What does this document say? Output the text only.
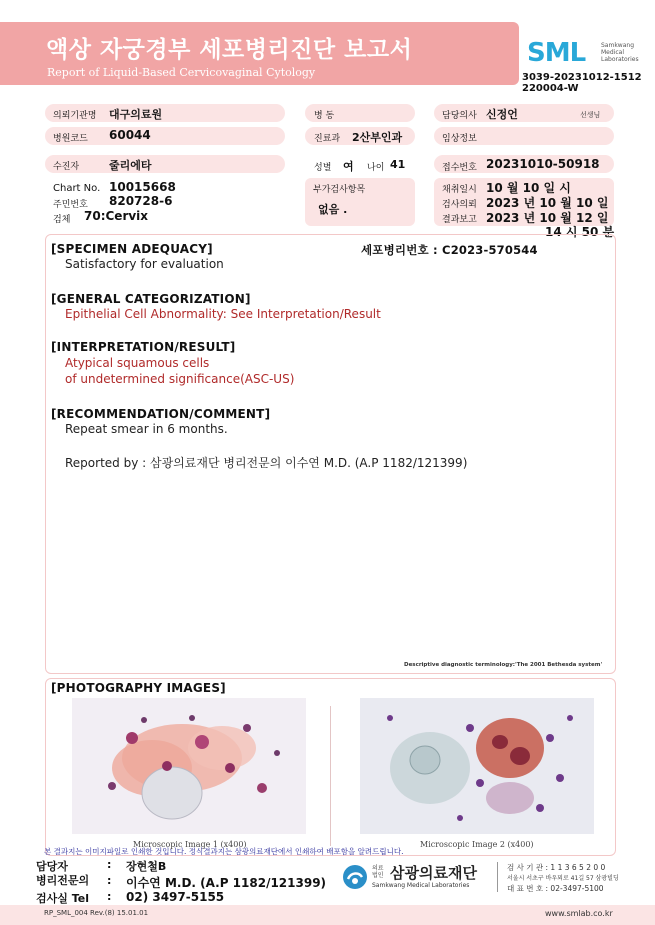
액상 자궁경부 세포병리진단 보고서
Report of Liquid-Based Cervicovaginal Cytology
SML	Samkwang Medical Laboratories
3039-20231012-1512
220004-W
의뢰기관명 대구의료원	병 동	담당의사 신정언	선생님
병원코드 60044	진료과 2산부인과	임상정보
수진자	줄리에타	성별 여 나이 41	접수번호 20231010-50918
Chart No. 10015668
주민번호 820728-6
검체 70:Cervix
부가검사항목
없음 .
채취일시 10 월 10 일 시
검사의뢰 2023 년 10 월 10 일
결과보고 2023 년 10 월 12 일
14 시 50 분
[SPECIMEN ADEQUACY]	세포병리번호 : C2023-570544
Satisfactory for evaluation
[GENERAL CATEGORIZATION]
Epithelial Cell Abnormality: See Interpretation/Result
[INTERPRETATION/RESULT]
Atypical squamous cells
of undetermined significance(ASC-US)
[RECOMMENDATION/COMMENT]
Repeat smear in 6 months.
Reported by : 삼광의료재단 병리전문의 이수연 M.D. (A.P 1182/121399)
Descriptive diagnostic terminology:'The 2001 Bethesda system'
[PHOTOGRAPHY IMAGES]
Microscopic Image 1 (x400)	Microscopic Image 2 (x400)
본 결과지는 이미지파일로 인쇄한 것입니다. 정식결과지는 삼광의료재단에서 인쇄하여 배포함을 알려드립니다.
담당자	: 장현철B
병리전문의 : 이수연 M.D. (A.P 1182/121399)
검사실 Tel : 02) 3497-5155
의료 법인 삼광의료재단
Samkwang Medical Laboratories
검 사 기 관 : 1 1 3 6 5 2 0 0
서울시 서초구 바우뫼로 41길 57 삼광빌딩
대 표 번 호 : 02-3497-5100
RP_SML_004 Rev.(8) 15.01.01	www.smlab.co.kr
